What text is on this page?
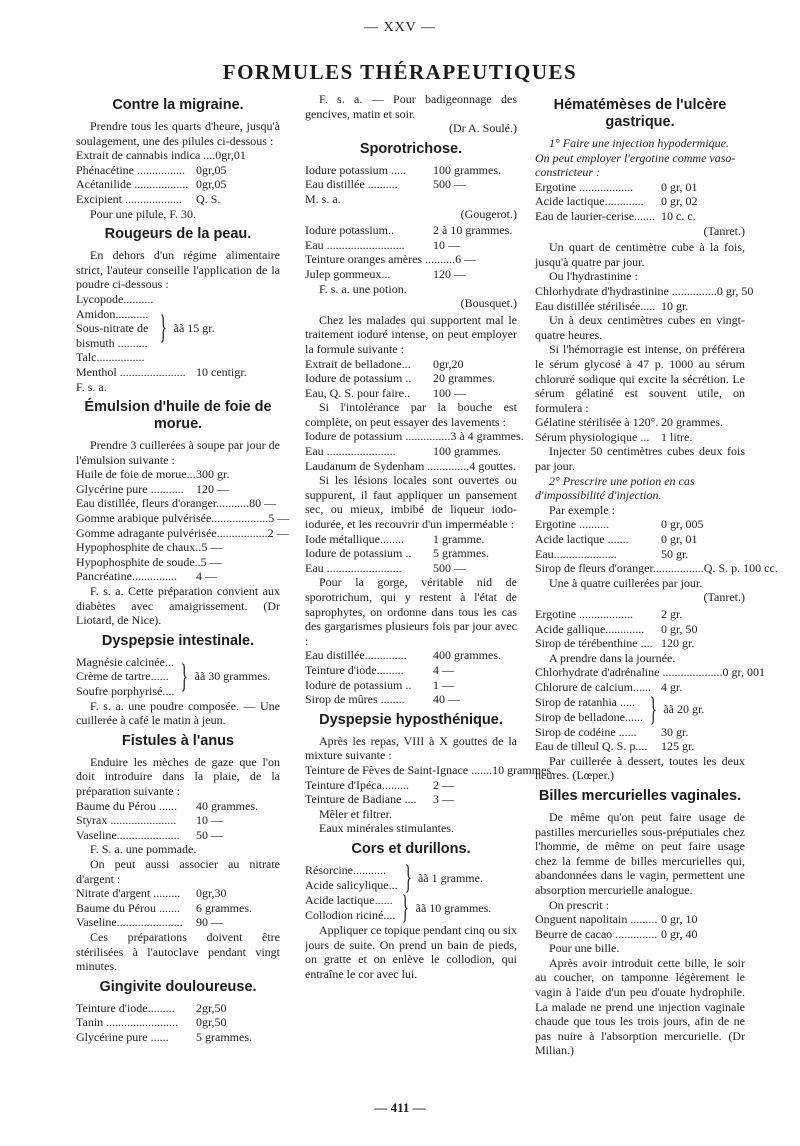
— XXV —
FORMULES THÉRAPEUTIQUES
Contre la migraine.

Prendre tous les quarts d'heure, jusqu'à soulagement, une des pilules ci-dessous :

Extrait de cannabis indica .... 0gr,01
Phénacétine ................ 0gr,05
Acétanilide .................. 0gr,05
Excipient ...................	Q. S.

Pour une pilule, F. 30.

Rougeurs de la peau.

En dehors d'un régime alimentaire strict, l'auteur conseille l'application de la poudre ci-dessous :

Lycopode..........
Amidon...........
Sous-nitrate de
bismuth ..........
Talc................
} ãã 15 gr.
Menthol ...................... 10 centigr.

F. s. a.

Émulsion d'huile de foie de morue.

Prendre 3 cuillerées à soupe par jour de l'émulsion suivante :

Huile de foie de morue... 300 gr.
Glycérine pure ...........	120 —
Eau distillée, fleurs d'oranger........... 80 —
Gomme arabique pulvérisée................... 5 —
Gomme adragante pulvérisée................. 2 —
Hypophosphite de chaux.. 5 —
Hypophosphite de soude.. 5 —
Pancréatine...............	4 —

F. s. a. Cette préparation convient aux diabètes avec amaigrissement. (Dr Liotard, de Nice).

Dyspepsie intestinale.
Magnésie calcinée...
Crème de tartre......
Soufre porphyrisé.... } ãã 30 grammes.

F. s. a. une poudre composée. — Une cuillerée à café le matin à jeun.

Fistules à l'anus

Enduire les mèches de gaze que l'on doit introduire dans la plaie, de la préparation suivante :

Baume du Pérou ......	40 grammes.
Styrax ......................	10 —
Vaseline.....................	50 —

F. S. a. une pommade.

On peut aussi associer au nitrate d'argent :

Nitrate d'argent .........	0gr,30
Baume du Pérou .......	6 grammes.
Vaseline......................	90 —

Ces préparations doivent être stérilisées à l'autoclave pendant vingt minutes.

Gingivite douloureuse.
Teinture d'iode.........	2gr,50
Tanin ........................	0gr,50
Glycérine pure ......	5 grammes.

F. s. a. — Pour badigeonnage des gencives, matin et soir.

(Dr A. Soulé.)

Sporotrichose.
Iodure potassium .....	100 grammes.
Eau distillée ..........	500 —

M. s. a.

(Gougerot.)

Iodure potassium..	2 à 10 grammes.
Eau ..........................	10 —
Teinture oranges amères .......... 6 —
Julep gommeux...	120 —

F. s. a. une potion.

(Bousquet.)

Chez les malades qui supportent mal le traitement ioduré intense, on peut employer la formule suivante :

Extrait de belladone...	0gr,20
Iodure de potassium ..	20 grammes.
Eau, Q. S. pour faire..	100 —

Si l'intolérance par la bouche est complète, on peut essayer des lavements :

Iodure de potassium ............... 3 à 4 grammes.
Eau .......................	100 grammes.
Laudanum de Sydenham .............. 4 gouttes.

Si les lésions locales sont ouvertes ou suppurent, il faut appliquer un pansement sec, ou mieux, imbibé de liqueur iodo-iodurée, et les recouvrir d'un imperméable :

Iode métallique........	1 gramme.
Iodure de potassium ..	5 grammes.
Eau .........................	500 —

Pour la gorge, véritable nid de sporotrichum, qui y restent à l'état de saprophytes, on ordonne dans tous les cas des gargarismes plusieurs fois par jour avec :

Eau distillée..............	400 grammes.
Teinture d'iode.........	4 —
Iodure de potassium ..	1 —
Sirop de mûres ........	40 —
Dyspepsie hyposthénique.

Après les repas, VIII à X gouttes de la mixture suivante :

Teinture de Fèves de Saint-Ignace ....... 10 grammes.
Teinture d'Ipéca.........	2 —
Teinture de Badiane ....	3 —

Mêler et filtrer.

Eaux minérales stimulantes.

Cors et durillons.
Résorcine...........
Acide salicylique... } ãã 1 gramme.
Acide lactique......
Collodion riciné.... } ãã 10 grammes.

Appliquer ce topique pendant cinq ou six jours de suite. On prend un bain de pieds, on gratte et on enlève le collodion, qui entraîne le cor avec lui.

Hématémèses de l'ulcère gastrique.

1° Faire une injection hypodermique. On peut employer l'ergotine comme vaso-constricteur :

Ergotine ..................	0 gr, 01
Acide lactique.............	0 gr, 02
Eau de laurier-cerise....... 10 c. c.

(Tanret.)

Un quart de centimètre cube à la fois, jusqu'à quatre par jour.

Ou l'hydrastinine :

Chlorhydrate d'hydrastinine ............... 0 gr, 50
Eau distillée stérilisée..... 10 gr.

Un à deux centimètres cubes en vingt-quatre heures.

Si l'hémorragie est intense, on préférera le sérum glycosé à 47 p. 1000 au sérum chloruré sodique qui excite la sécrétion. Le sérum gélatiné est souvent utile, on formulera :

Gélatine stérilisée à 120°. 20 grammes.
Sérum physiologique ... 1 litre.

Injecter 50 centimètres cubes deux fois par jour.

2° Prescrire une potion en cas d'impossibilité d'injection.

Par exemple :

Ergotine ..........	0 gr, 005
Acide lactique .......	0 gr, 01
Eau.....................	50 gr.
Sirop de fleurs d'oranger................. Q. S. p. 100 cc.

Une à quatre cuillerées par jour.

(Tanret.)

Ergotine ..................	2 gr.
Acide gallique.............	0 gr, 50
Sirop de térébenthine .... 120 gr.

A prendre dans la journée.

Chlorhydrate d'adrénaline .................... 0 gr, 001
Chlorure de calcium...... 4 gr.
Sirop de ratanhia .....
Sirop de belladone...... } ãã 20 gr.
Sirop de codéine ......	30 gr.
Eau de tilleul Q. S. p....	125 gr.

Par cuillerée à dessert, toutes les deux heures. (Lœper.)

Billes mercurielles vaginales.

De même qu'on peut faire usage de pastilles mercurielles sous-préputiales chez l'homme, de même on peut faire usage chez la femme de billes mercurielles qui, abandonnées dans le vagin, permettent une absorption mercurielle analogue.

On prescrit :

Onguent napolitain ......... 0 gr, 10
Beurre de cacao .............. 0 gr, 40

Pour une bille.

Après avoir introduit cette bille, le soir au coucher, on tamponne légèrement le vagin à l'aide d'un peu d'ouate hydrophile. La malade ne prend une injection vaginale chaude que tous les trois jours, afin de ne pas nuire à l'absorption mercurielle. (Dr Milian.)

— 411 —
